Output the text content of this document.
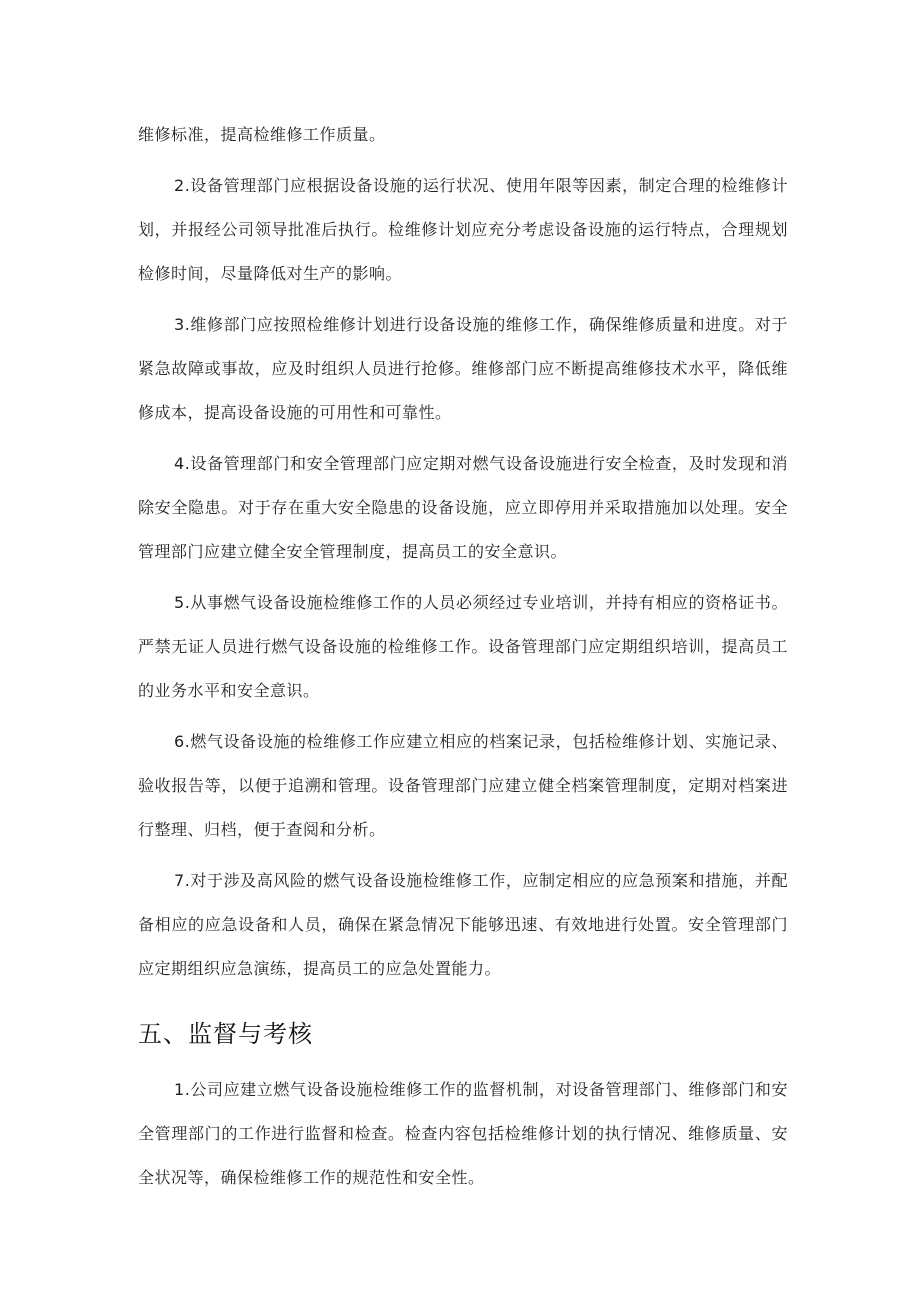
维修标准，提高检维修工作质量。

2.设备管理部门应根据设备设施的运行状况、使用年限等因素，制定合理的检维修计划，并报经公司领导批准后执行。检维修计划应充分考虑设备设施的运行特点，合理规划检修时间，尽量降低对生产的影响。

3.维修部门应按照检维修计划进行设备设施的维修工作，确保维修质量和进度。对于紧急故障或事故，应及时组织人员进行抢修。维修部门应不断提高维修技术水平，降低维修成本，提高设备设施的可用性和可靠性。

4.设备管理部门和安全管理部门应定期对燃气设备设施进行安全检查，及时发现和消除安全隐患。对于存在重大安全隐患的设备设施，应立即停用并采取措施加以处理。安全管理部门应建立健全安全管理制度，提高员工的安全意识。

5.从事燃气设备设施检维修工作的人员必须经过专业培训，并持有相应的资格证书。严禁无证人员进行燃气设备设施的检维修工作。设备管理部门应定期组织培训，提高员工的业务水平和安全意识。

6.燃气设备设施的检维修工作应建立相应的档案记录，包括检维修计划、实施记录、验收报告等，以便于追溯和管理。设备管理部门应建立健全档案管理制度，定期对档案进行整理、归档，便于查阅和分析。

7.对于涉及高风险的燃气设备设施检维修工作，应制定相应的应急预案和措施，并配备相应的应急设备和人员，确保在紧急情况下能够迅速、有效地进行处置。安全管理部门应定期组织应急演练，提高员工的应急处置能力。

五、监督与考核

1.公司应建立燃气设备设施检维修工作的监督机制，对设备管理部门、维修部门和安全管理部门的工作进行监督和检查。检查内容包括检维修计划的执行情况、维修质量、安全状况等，确保检维修工作的规范性和安全性。
